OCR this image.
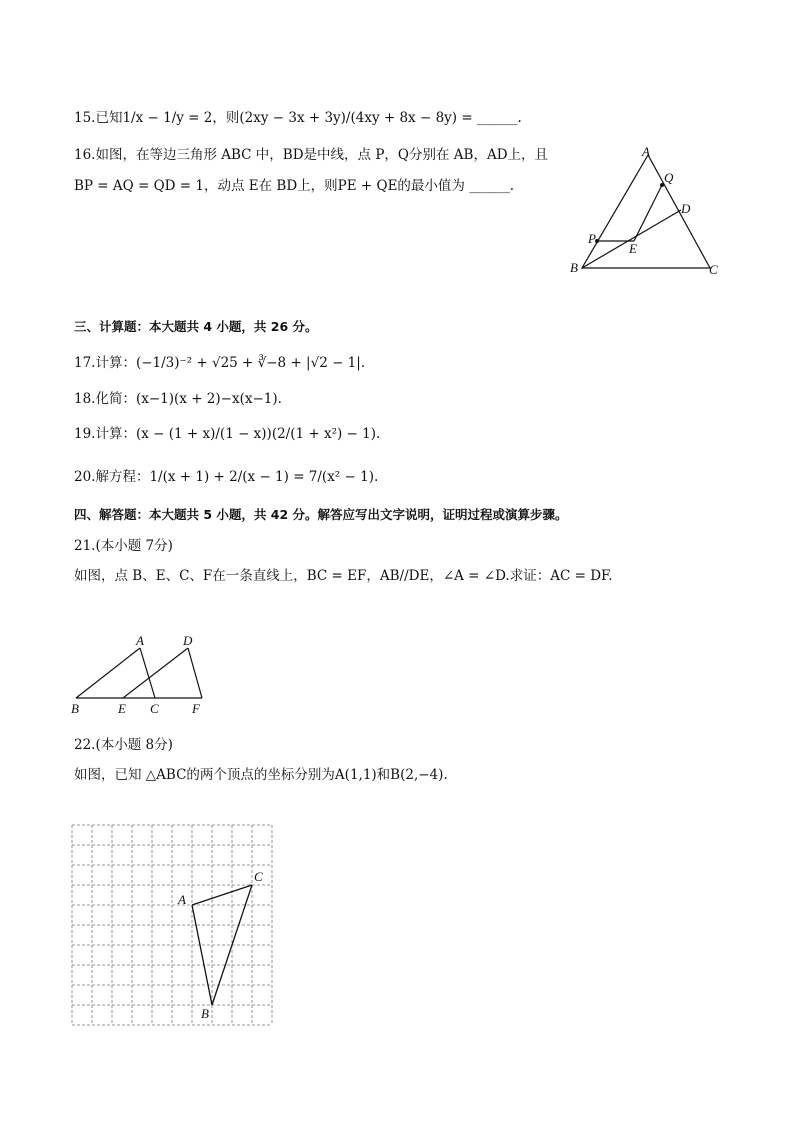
15.已知1/x − 1/y = 2，则(2xy − 3x + 3y)/(4xy + 8x − 8y) = ______.
16.如图，在等边三角形 ABC 中，BD是中线，点 P，Q分别在 AB，AD上，且
BP = AQ = QD = 1，动点 E在 BD上，则PE + QE的最小值为 ______.
A
Q
D
P
E
B	C
三、计算题：本大题共 4 小题，共 26 分。
17.计算：(−1/3)⁻² + √25 + ∛−8 + |√2 − 1|.
18.化简：(x−1)(x + 2)−x(x−1).
19.计算：(x − (1 + x)/(1 − x))(2/(1 + x²) − 1).
20.解方程：1/(x + 1) + 2/(x − 1) = 7/(x² − 1).
四、解答题：本大题共 5 小题，共 42 分。解答应写出文字说明，证明过程或演算步骤。
21.(本小题 7分)
如图，点 B、E、C、F在一条直线上，BC = EF，AB//DE，∠A = ∠D.求证：AC = DF.
A	D
B	E C	F
22.(本小题 8分)
如图，已知 △ABC的两个顶点的坐标分别为A(1,1)和B(2,−4).
A
C
B
